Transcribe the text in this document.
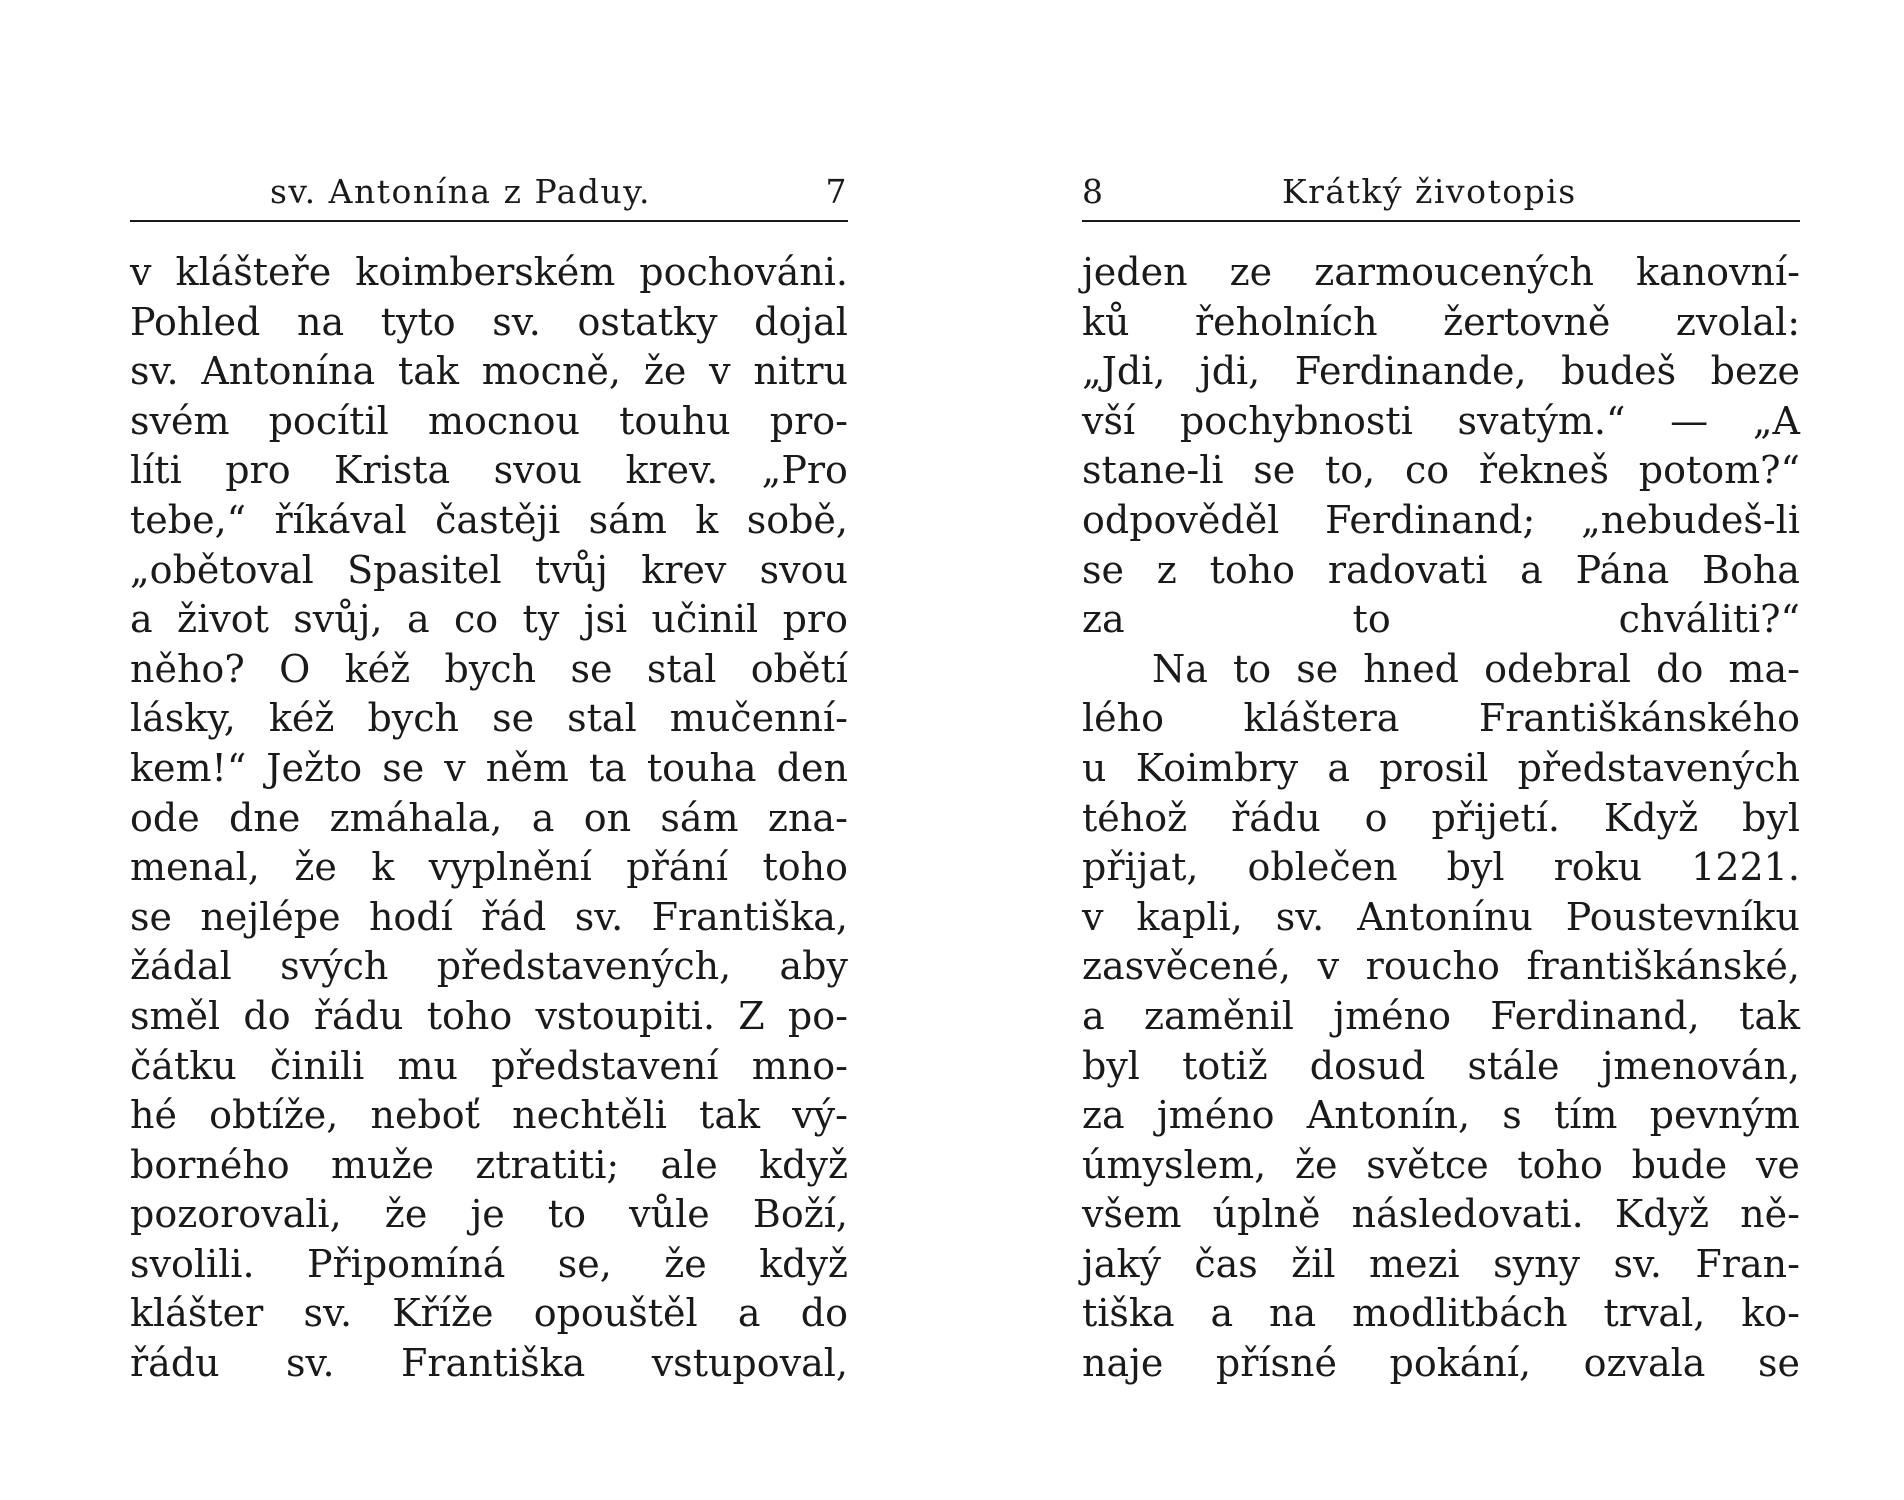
sv. Antonína z Paduy.	7
v klášteře koimberském pochováni.
Pohled na tyto sv. ostatky dojal
sv. Antonína tak mocně, že v nitru
svém pocítil mocnou touhu pro-
líti pro Krista svou krev. „Pro
tebe,“ říkával častěji sám k sobě,
„obětoval Spasitel tvůj krev svou
a život svůj, a co ty jsi učinil pro
něho? O kéž bych se stal obětí
lásky, kéž bych se stal mučenní-
kem!“ Ježto se v něm ta touha den
ode dne zmáhala, a on sám zna-
menal, že k vyplnění přání toho
se nejlépe hodí řád sv. Františka,
žádal svých představených, aby
směl do řádu toho vstoupiti. Z po-
čátku činili mu představení mno-
hé obtíže, neboť nechtěli tak vý-
borného muže ztratiti; ale když
pozorovali, že je to vůle Boží,
svolili. Připomíná se, že když
klášter sv. Kříže opouštěl a do
řádu sv. Františka vstupoval,
8	Krátký životopis
jeden ze zarmoucených kanovní-
ků řeholních žertovně zvolal:
„Jdi, jdi, Ferdinande, budeš beze
vší pochybnosti svatým.“ — „A
stane-li se to, co řekneš potom?“
odpověděl Ferdinand; „nebudeš-li
se z toho radovati a Pána Boha
za	to	chváliti?“
Na to se hned odebral do ma-
lého kláštera Františkánského
u Koimbry a prosil představených
téhož řádu o přijetí. Když byl
přijat, oblečen byl roku 1221.
v kapli, sv. Antonínu Poustevníku
zasvěcené, v roucho františkánské,
a zaměnil jméno Ferdinand, tak
byl totiž dosud stále jmenován,
za jméno Antonín, s tím pevným
úmyslem, že světce toho bude ve
všem úplně následovati. Když ně-
jaký čas žil mezi syny sv. Fran-
tiška a na modlitbách trval, ko-
naje přísné pokání, ozvala se
